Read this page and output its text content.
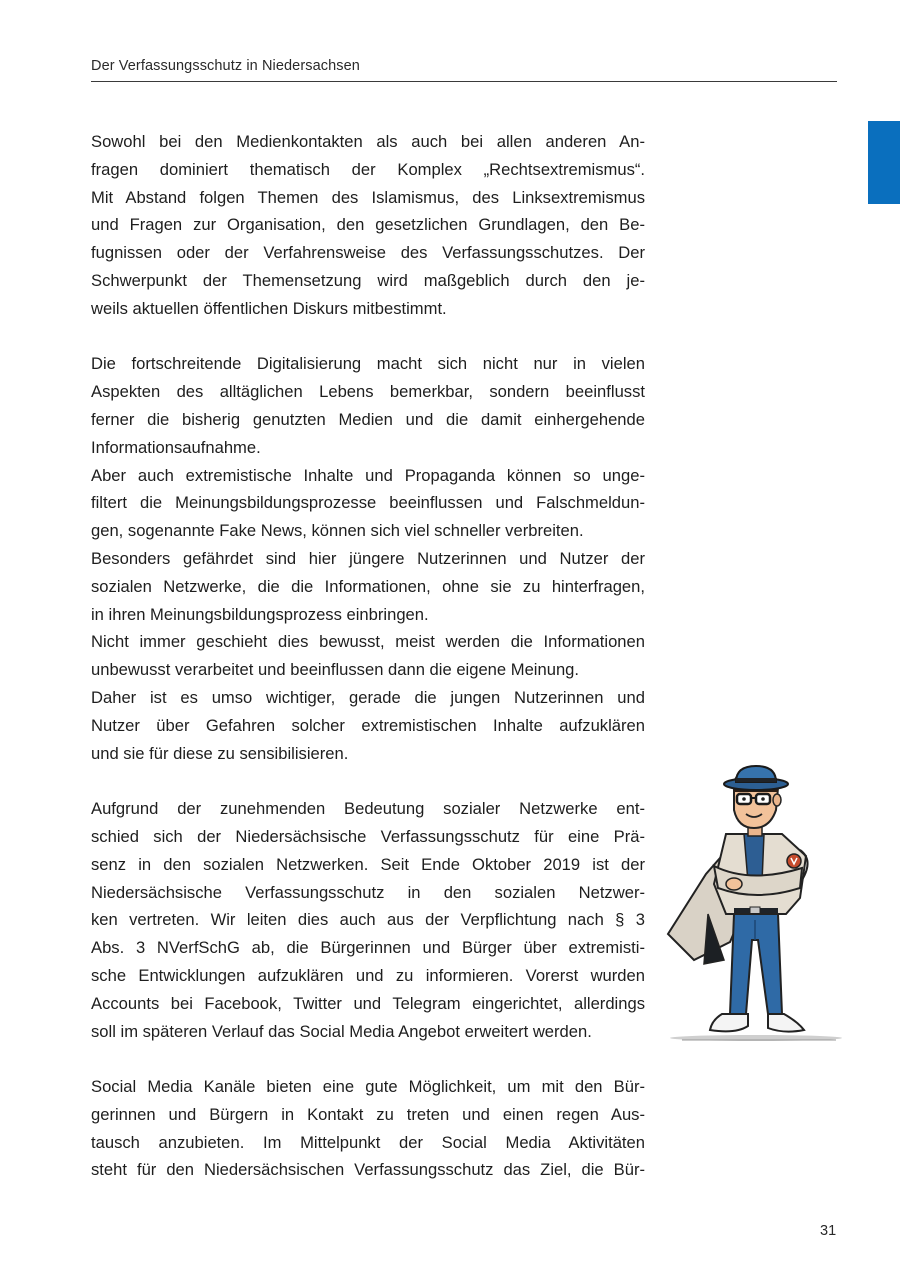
Der Verfassungsschutz in Niedersachsen

Sowohl bei den Medienkontakten als auch bei allen anderen An-
fragen dominiert thematisch der Komplex „Rechtsextremismus“.
Mit Abstand folgen Themen des Islamismus, des Linksextremismus
und Fragen zur Organisation, den gesetzlichen Grundlagen, den Be-
fugnissen oder der Verfahrensweise des Verfassungsschutzes. Der
Schwerpunkt der Themensetzung wird maßgeblich durch den je-
weils aktuellen öffentlichen Diskurs mitbestimmt.

Die fortschreitende Digitalisierung macht sich nicht nur in vielen
Aspekten des alltäglichen Lebens bemerkbar, sondern beeinflusst
ferner die bisherig genutzten Medien und die damit einhergehende
Informationsaufnahme.

Aber auch extremistische Inhalte und Propaganda können so unge-
filtert die Meinungsbildungsprozesse beeinflussen und Falschmeldun-
gen, sogenannte Fake News, können sich viel schneller verbreiten.

Besonders gefährdet sind hier jüngere Nutzerinnen und Nutzer der
sozialen Netzwerke, die die Informationen, ohne sie zu hinterfragen,
in ihren Meinungsbildungsprozess einbringen.

Nicht immer geschieht dies bewusst, meist werden die Informationen
unbewusst verarbeitet und beeinflussen dann die eigene Meinung.

Daher ist es umso wichtiger, gerade die jungen Nutzerinnen und
Nutzer über Gefahren solcher extremistischen Inhalte aufzuklären
und sie für diese zu sensibilisieren.

Aufgrund der zunehmenden Bedeutung sozialer Netzwerke ent-
schied sich der Niedersächsische Verfassungsschutz für eine Prä-
senz in den sozialen Netzwerken. Seit Ende Oktober 2019 ist der
Niedersächsische Verfassungsschutz in den sozialen Netzwer-
ken vertreten. Wir leiten dies auch aus der Verpflichtung nach § 3
Abs. 3 NVerfSchG ab, die Bürgerinnen und Bürger über extremisti-
sche Entwicklungen aufzuklären und zu informieren. Vorerst wurden
Accounts bei Facebook, Twitter und Telegram eingerichtet, allerdings
soll im späteren Verlauf das Social Media Angebot erweitert werden.

Social Media Kanäle bieten eine gute Möglichkeit, um mit den Bür-
gerinnen und Bürgern in Kontakt zu treten und einen regen Aus-
tausch anzubieten. Im Mittelpunkt der Social Media Aktivitäten
steht für den Niedersächsischen Verfassungsschutz das Ziel, die Bür-

31
